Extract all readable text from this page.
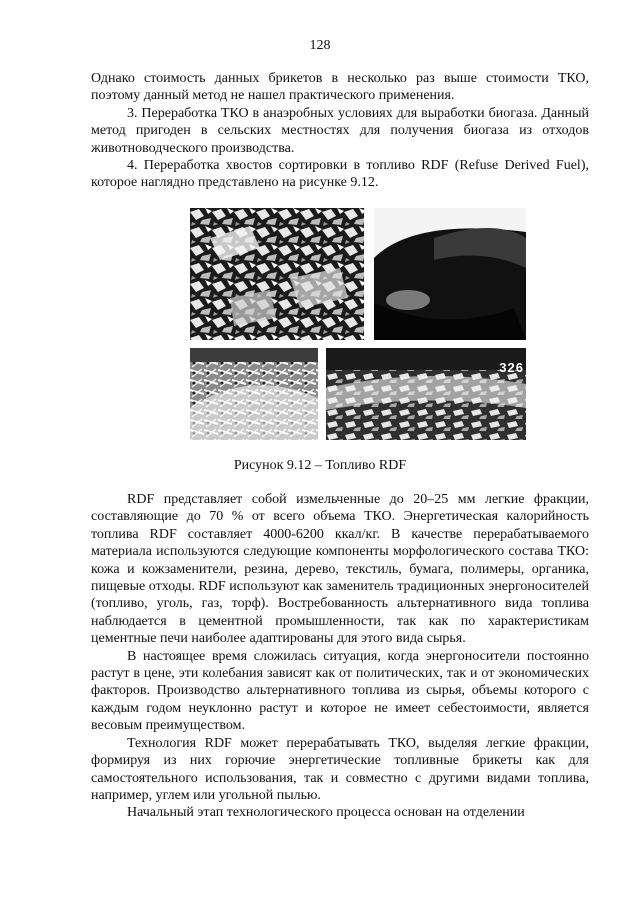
128

Однако стоимость данных брикетов в несколько раз выше стоимости ТКО, поэтому данный метод не нашел практического применения.

3. Переработка ТКО в анаэробных условиях для выработки биогаза. Данный метод пригоден в сельских местностях для получения биогаза из отходов животноводческого производства.

4. Переработка хвостов сортировки в топливо RDF (Refuse Derived Fuel), которое наглядно представлено на рисунке 9.12.

326
Рисунок 9.12 – Топливо RDF

RDF представляет собой измельченные до 20–25 мм легкие фракции, составляющие до 70 % от всего объема ТКО. Энергетическая калорийность топлива RDF составляет 4000-6200 ккал/кг. В качестве перерабатываемого материала используются следующие компоненты морфологического состава ТКО: кожа и кожзаменители, резина, дерево, текстиль, бумага, полимеры, органика, пищевые отходы. RDF используют как заменитель традиционных энергоносителей (топливо, уголь, газ, торф). Востребованность альтернативного вида топлива наблюдается в цементной промышленности, так как по характеристикам цементные печи наиболее адаптированы для этого вида сырья.

В настоящее время сложилась ситуация, когда энергоносители постоянно растут в цене, эти колебания зависят как от политических, так и от экономических факторов. Производство альтернативного топлива из сырья, объемы которого с каждым годом неуклонно растут и которое не имеет себестоимости, является весовым преимуществом.

Технология RDF может перерабатывать ТКО, выделяя легкие фракции, формируя из них горючие энергетические топливные брикеты как для самостоятельного использования, так и совместно с другими видами топлива, например, углем или угольной пылью.

Начальный этап технологического процесса основан на отделении
